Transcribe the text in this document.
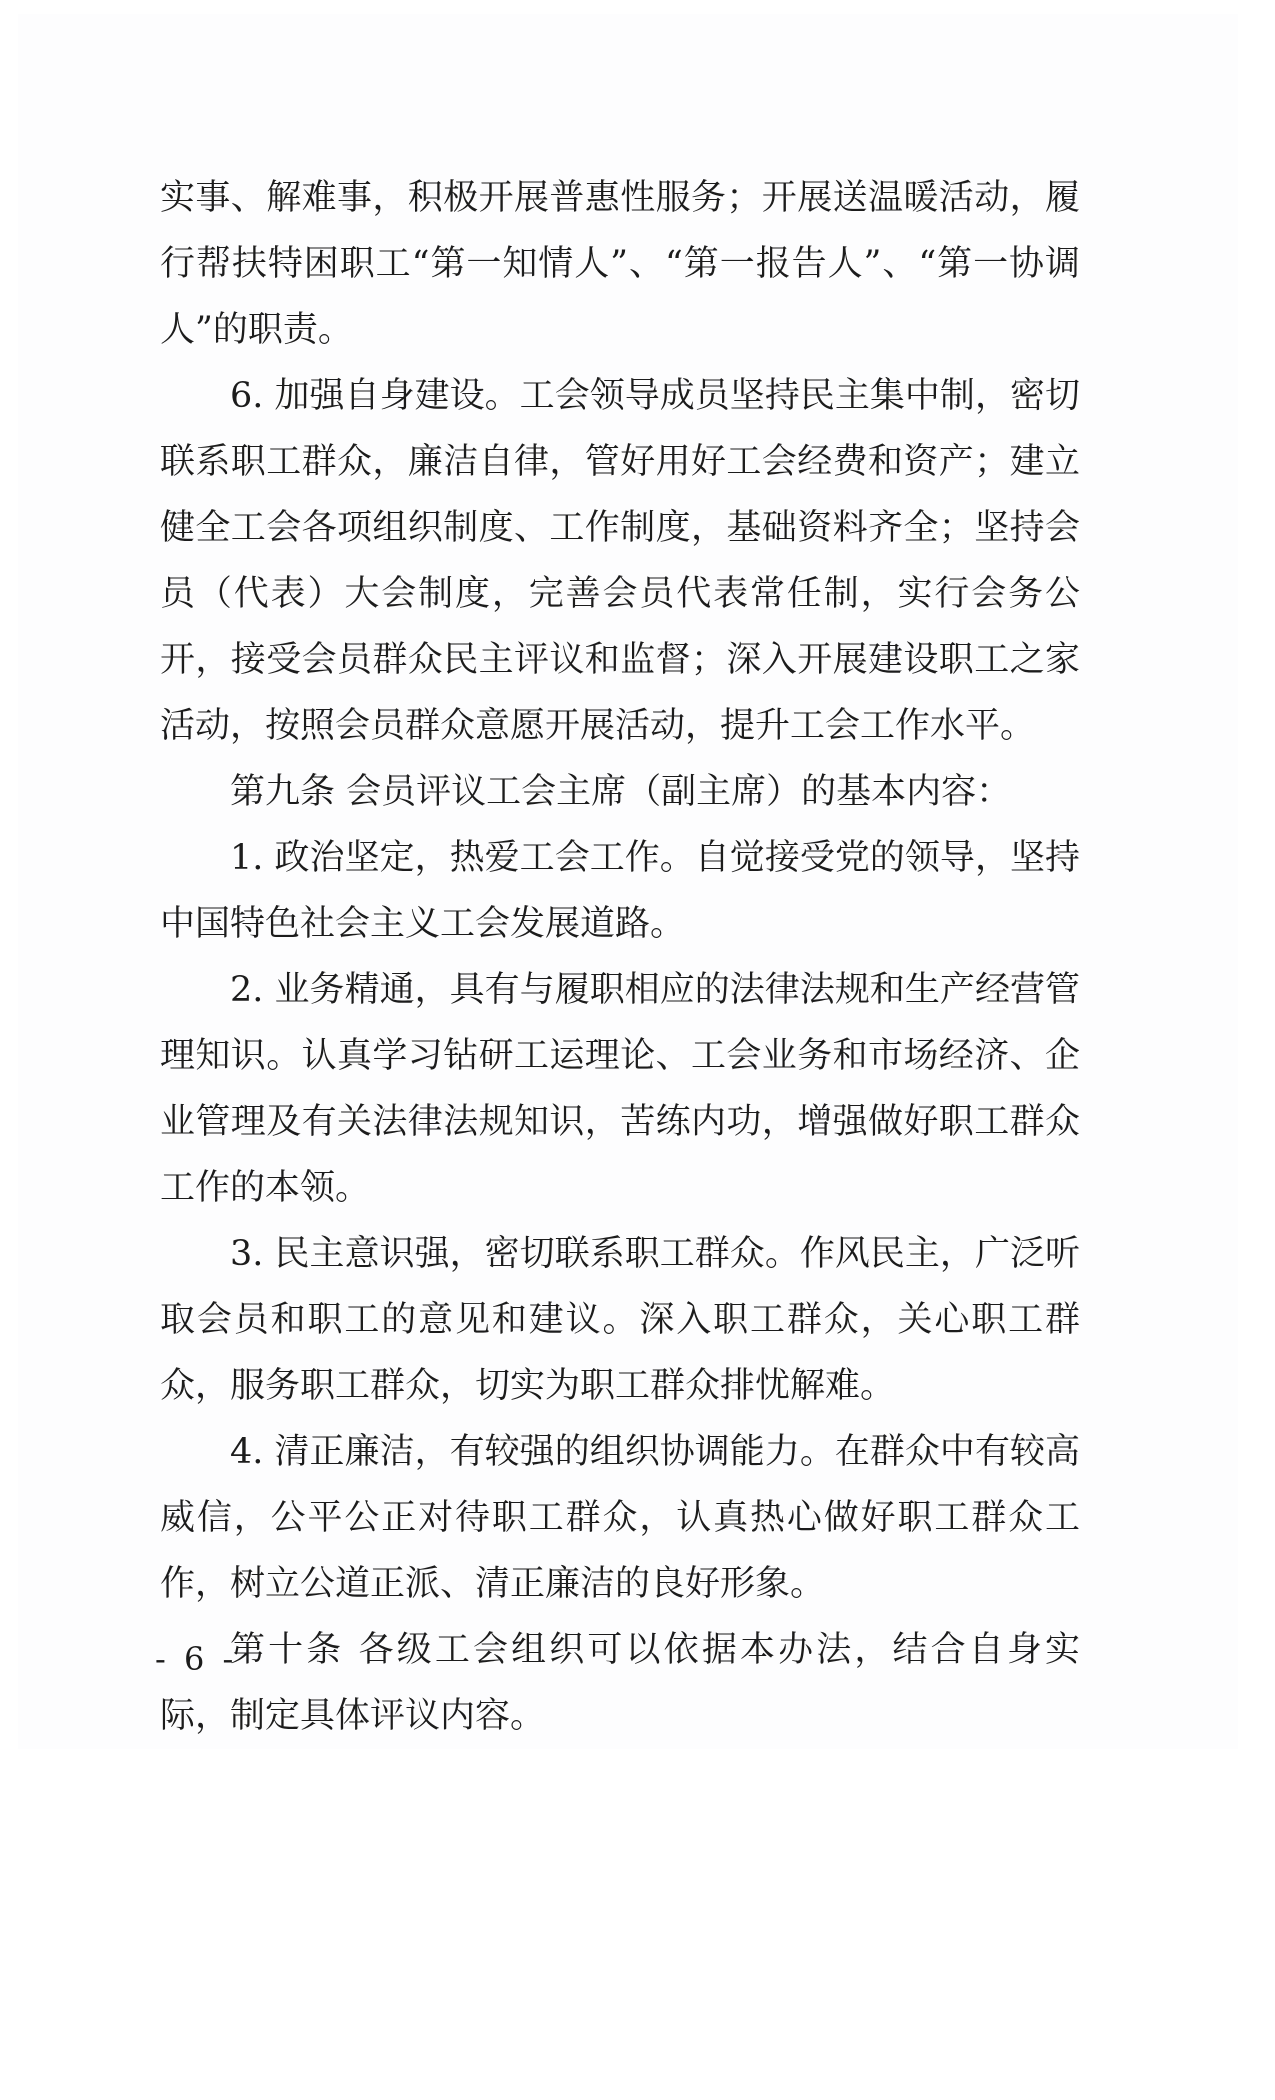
实事、解难事，积极开展普惠性服务；开展送温暖活动，履行帮扶特困职工“第一知情人”、“第一报告人”、“第一协调人”的职责。

6. 加强自身建设。工会领导成员坚持民主集中制，密切联系职工群众，廉洁自律，管好用好工会经费和资产；建立健全工会各项组织制度、工作制度，基础资料齐全；坚持会员（代表）大会制度，完善会员代表常任制，实行会务公开，接受会员群众民主评议和监督；深入开展建设职工之家活动，按照会员群众意愿开展活动，提升工会工作水平。

第九条 会员评议工会主席（副主席）的基本内容：

1. 政治坚定，热爱工会工作。自觉接受党的领导，坚持中国特色社会主义工会发展道路。

2. 业务精通，具有与履职相应的法律法规和生产经营管理知识。认真学习钻研工运理论、工会业务和市场经济、企业管理及有关法律法规知识，苦练内功，增强做好职工群众工作的本领。

3. 民主意识强，密切联系职工群众。作风民主，广泛听取会员和职工的意见和建议。深入职工群众，关心职工群众，服务职工群众，切实为职工群众排忧解难。

4. 清正廉洁，有较强的组织协调能力。在群众中有较高威信，公平公正对待职工群众，认真热心做好职工群众工作，树立公道正派、清正廉洁的良好形象。

第十条 各级工会组织可以依据本办法，结合自身实际，制定具体评议内容。

- 6 -
